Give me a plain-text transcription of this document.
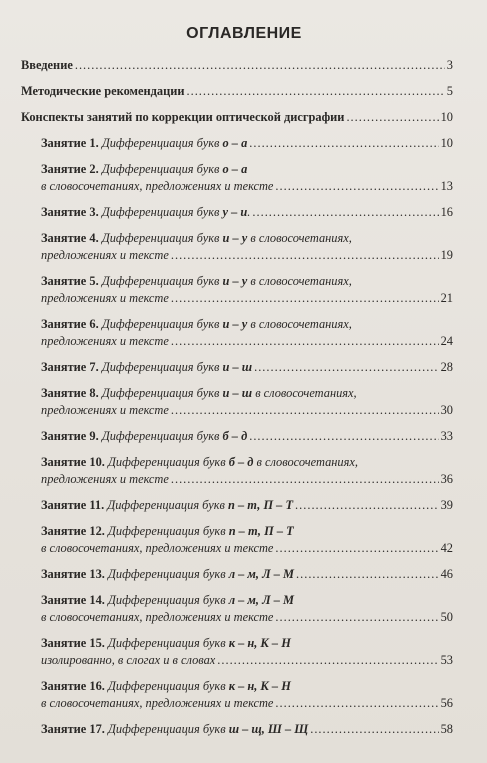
ОГЛАВЛЕНИЕ
Введение .....	3
Методические рекомендации .....	5
Конспекты занятий по коррекции оптической дисграфии .....	10
Занятие 1.
Дифференциация букв о – а .....	10
Занятие 2.
Дифференциация букв о – а
в словосочетаниях, предложениях и тексте .....	13
Занятие 3.
Дифференциация букв у – и. .....	16
Занятие 4.
Дифференциация букв и – у в словосочетаниях,
предложениях и тексте .....	19
Занятие 5.
Дифференциация букв и – у в словосочетаниях,
предложениях и тексте .....	21
Занятие 6.
Дифференциация букв и – у в словосочетаниях,
предложениях и тексте .....	24
Занятие 7.
Дифференциация букв и – ш .....	28
Занятие 8.
Дифференциация букв и – ш в словосочетаниях,
предложениях и тексте .....	30
Занятие 9.
Дифференциация букв б – д .....	33
Занятие 10.
Дифференциация букв б – д в словосочетаниях,
предложениях и тексте .....	36
Занятие 11.
Дифференциация букв п – т, П – Т .....	39
Занятие 12.
Дифференциация букв п – т, П – Т
в словосочетаниях, предложениях и тексте .....	42
Занятие 13.
Дифференциация букв л – м, Л – М .....	46
Занятие 14.
Дифференциация букв л – м, Л – М
в словосочетаниях, предложениях и тексте .....	50
Занятие 15.
Дифференциация букв к – н, К – Н
изолированно, в слогах и в словах .....	53
Занятие 16.
Дифференциация букв к – н, К – Н
в словосочетаниях, предложениях и тексте .....	56
Занятие 17.
Дифференциация букв ш – щ, Ш – Щ .....	58
